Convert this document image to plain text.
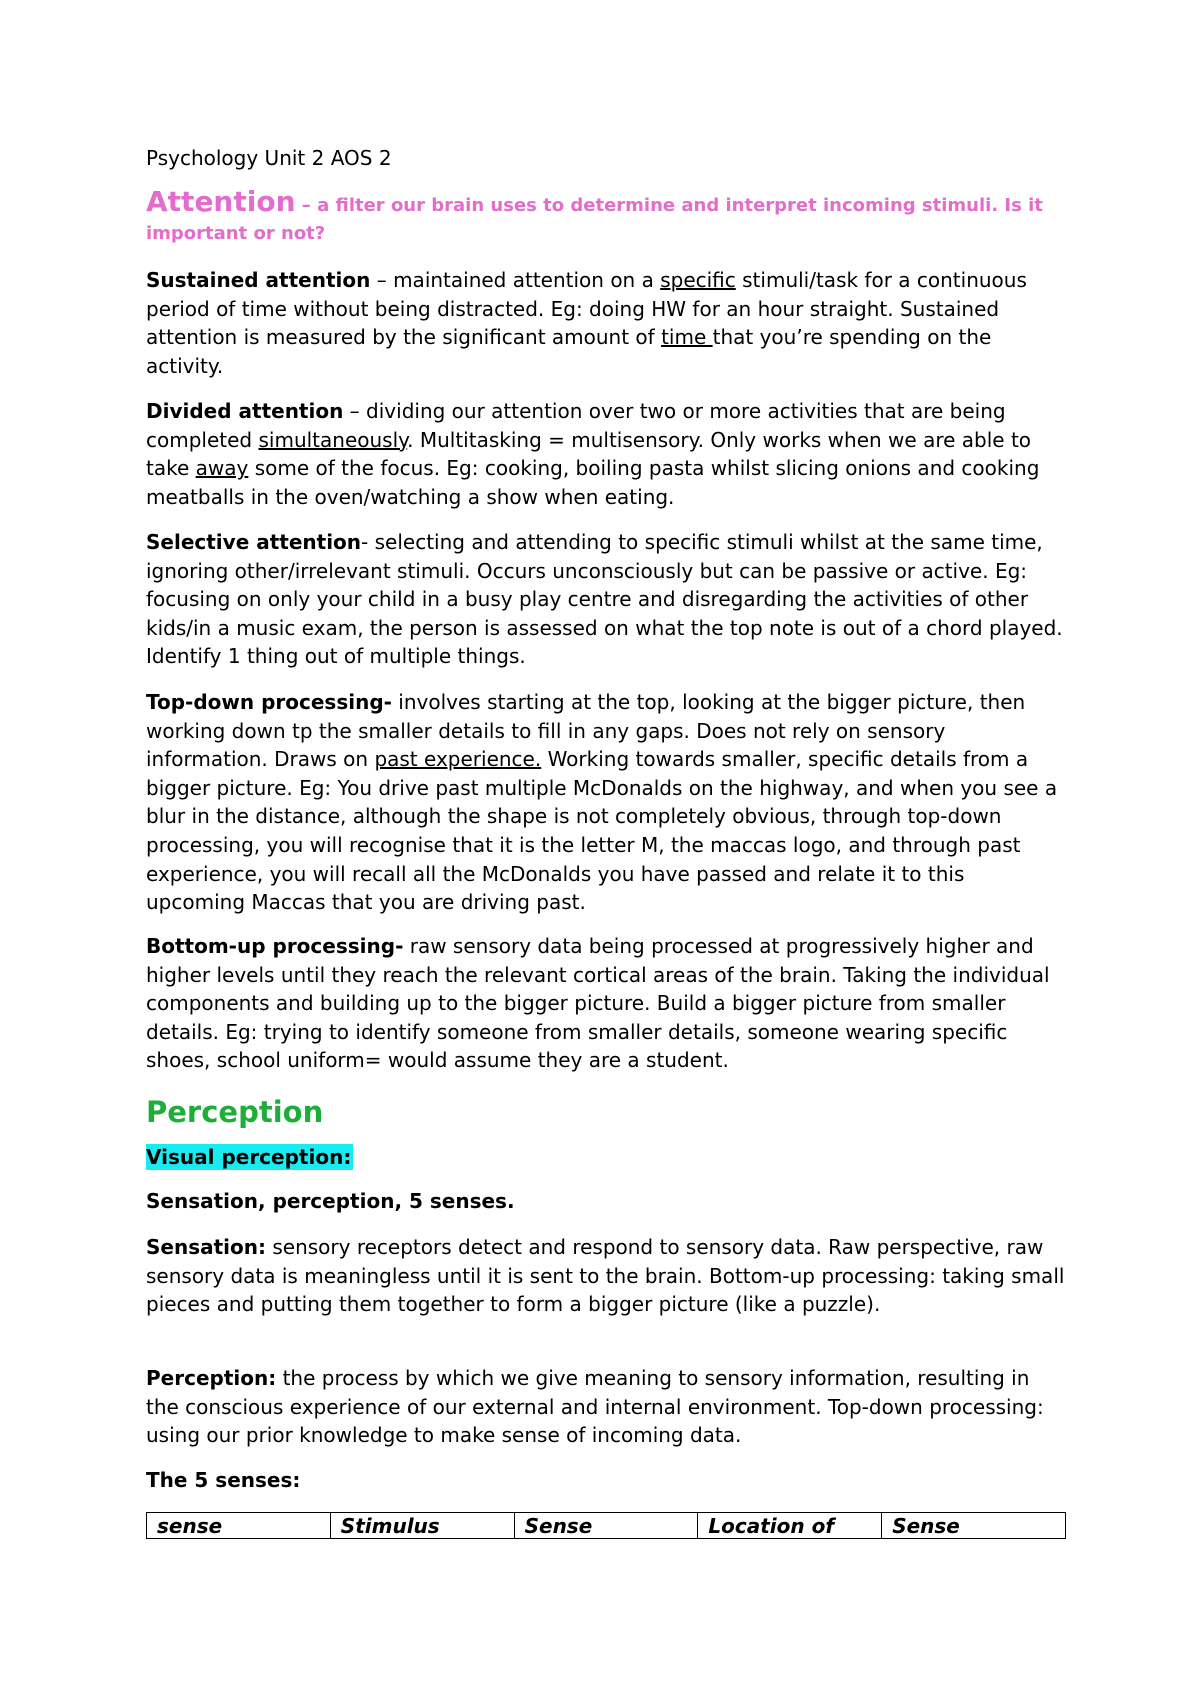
Psychology Unit 2 AOS 2

Attention – a filter our brain uses to determine and interpret incoming stimuli. Is it important or not?

Sustained attention – maintained attention on a specific stimuli/task for a continuous period of time without being distracted. Eg: doing HW for an hour straight. Sustained attention is measured by the significant amount of time that you’re spending on the activity.

Divided attention – dividing our attention over two or more activities that are being completed simultaneously. Multitasking = multisensory. Only works when we are able to take away some of the focus. Eg: cooking, boiling pasta whilst slicing onions and cooking meatballs in the oven/watching a show when eating.

Selective attention- selecting and attending to specific stimuli whilst at the same time, ignoring other/irrelevant stimuli. Occurs unconsciously but can be passive or active. Eg: focusing on only your child in a busy play centre and disregarding the activities of other kids/in a music exam, the person is assessed on what the top note is out of a chord played. Identify 1 thing out of multiple things.

Top-down processing- involves starting at the top, looking at the bigger picture, then working down tp the smaller details to fill in any gaps. Does not rely on sensory information. Draws on past experience. Working towards smaller, specific details from a bigger picture. Eg: You drive past multiple McDonalds on the highway, and when you see a blur in the distance, although the shape is not completely obvious, through top-down processing, you will recognise that it is the letter M, the maccas logo, and through past experience, you will recall all the McDonalds you have passed and relate it to this upcoming Maccas that you are driving past.

Bottom-up processing- raw sensory data being processed at progressively higher and higher levels until they reach the relevant cortical areas of the brain. Taking the individual components and building up to the bigger picture. Build a bigger picture from smaller details. Eg: trying to identify someone from smaller details, someone wearing specific shoes, school uniform= would assume they are a student.

Perception

Visual perception:

Sensation, perception, 5 senses.

Sensation: sensory receptors detect and respond to sensory data. Raw perspective, raw sensory data is meaningless until it is sent to the brain. Bottom-up processing: taking small pieces and putting them together to form a bigger picture (like a puzzle).

Perception: the process by which we give meaning to sensory information, resulting in the conscious experience of our external and internal environment. Top-down processing: using our prior knowledge to make sense of incoming data.

The 5 senses:

sense	Stimulus	Sense	Location of	Sense
